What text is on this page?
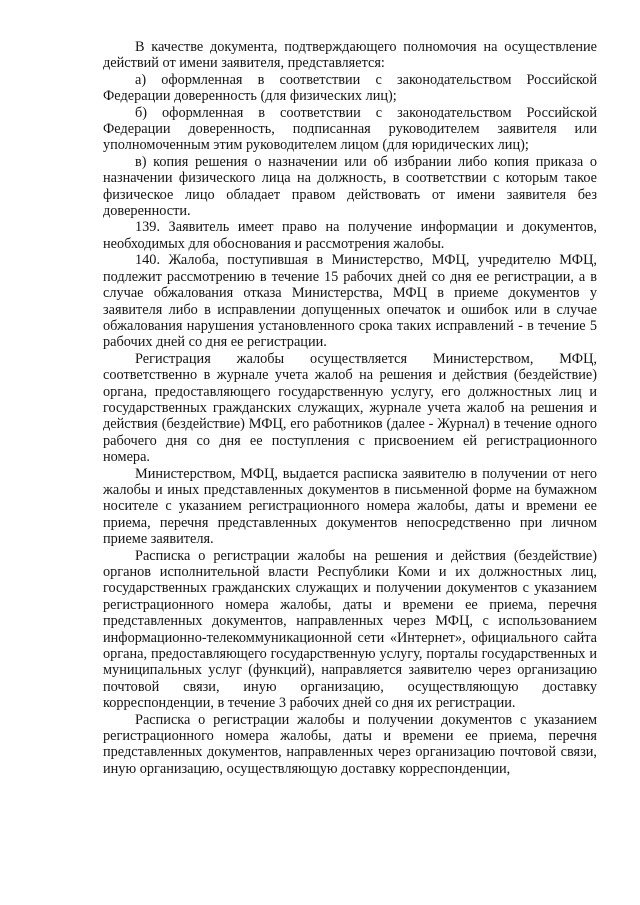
В качестве документа, подтверждающего полномочия на осуществление действий от имени заявителя, представляется:

а) оформленная в соответствии с законодательством Российской Федерации доверенность (для физических лиц);

б) оформленная в соответствии с законодательством Российской Федерации доверенность, подписанная руководителем заявителя или уполномоченным этим руководителем лицом (для юридических лиц);

в) копия решения о назначении или об избрании либо копия приказа о назначении физического лица на должность, в соответствии с которым такое физическое лицо обладает правом действовать от имени заявителя без доверенности.

139. Заявитель имеет право на получение информации и документов, необходимых для обоснования и рассмотрения жалобы.

140. Жалоба, поступившая в Министерство, МФЦ, учредителю МФЦ, подлежит рассмотрению в течение 15 рабочих дней со дня ее регистрации, а в случае обжалования отказа Министерства, МФЦ в приеме документов у заявителя либо в исправлении допущенных опечаток и ошибок или в случае обжалования нарушения установленного срока таких исправлений - в течение 5 рабочих дней со дня ее регистрации.

Регистрация жалобы осуществляется Министерством, МФЦ, соответственно в журнале учета жалоб на решения и действия (бездействие) органа, предоставляющего государственную услугу, его должностных лиц и государственных гражданских служащих, журнале учета жалоб на решения и действия (бездействие) МФЦ, его работников (далее - Журнал) в течение одного рабочего дня со дня ее поступления с присвоением ей регистрационного номера.

Министерством, МФЦ, выдается расписка заявителю в получении от него жалобы и иных представленных документов в письменной форме на бумажном носителе с указанием регистрационного номера жалобы, даты и времени ее приема, перечня представленных документов непосредственно при личном приеме заявителя.

Расписка о регистрации жалобы на решения и действия (бездействие) органов исполнительной власти Республики Коми и их должностных лиц, государственных гражданских служащих и получении документов с указанием регистрационного номера жалобы, даты и времени ее приема, перечня представленных документов, направленных через МФЦ, с использованием информационно-телекоммуникационной сети «Интернет», официального сайта органа, предоставляющего государственную услугу, порталы государственных и муниципальных услуг (функций), направляется заявителю через организацию почтовой связи, иную организацию, осуществляющую доставку корреспонденции, в течение 3 рабочих дней со дня их регистрации.

Расписка о регистрации жалобы и получении документов с указанием регистрационного номера жалобы, даты и времени ее приема, перечня представленных документов, направленных через организацию почтовой связи, иную организацию, осуществляющую доставку корреспонденции,
